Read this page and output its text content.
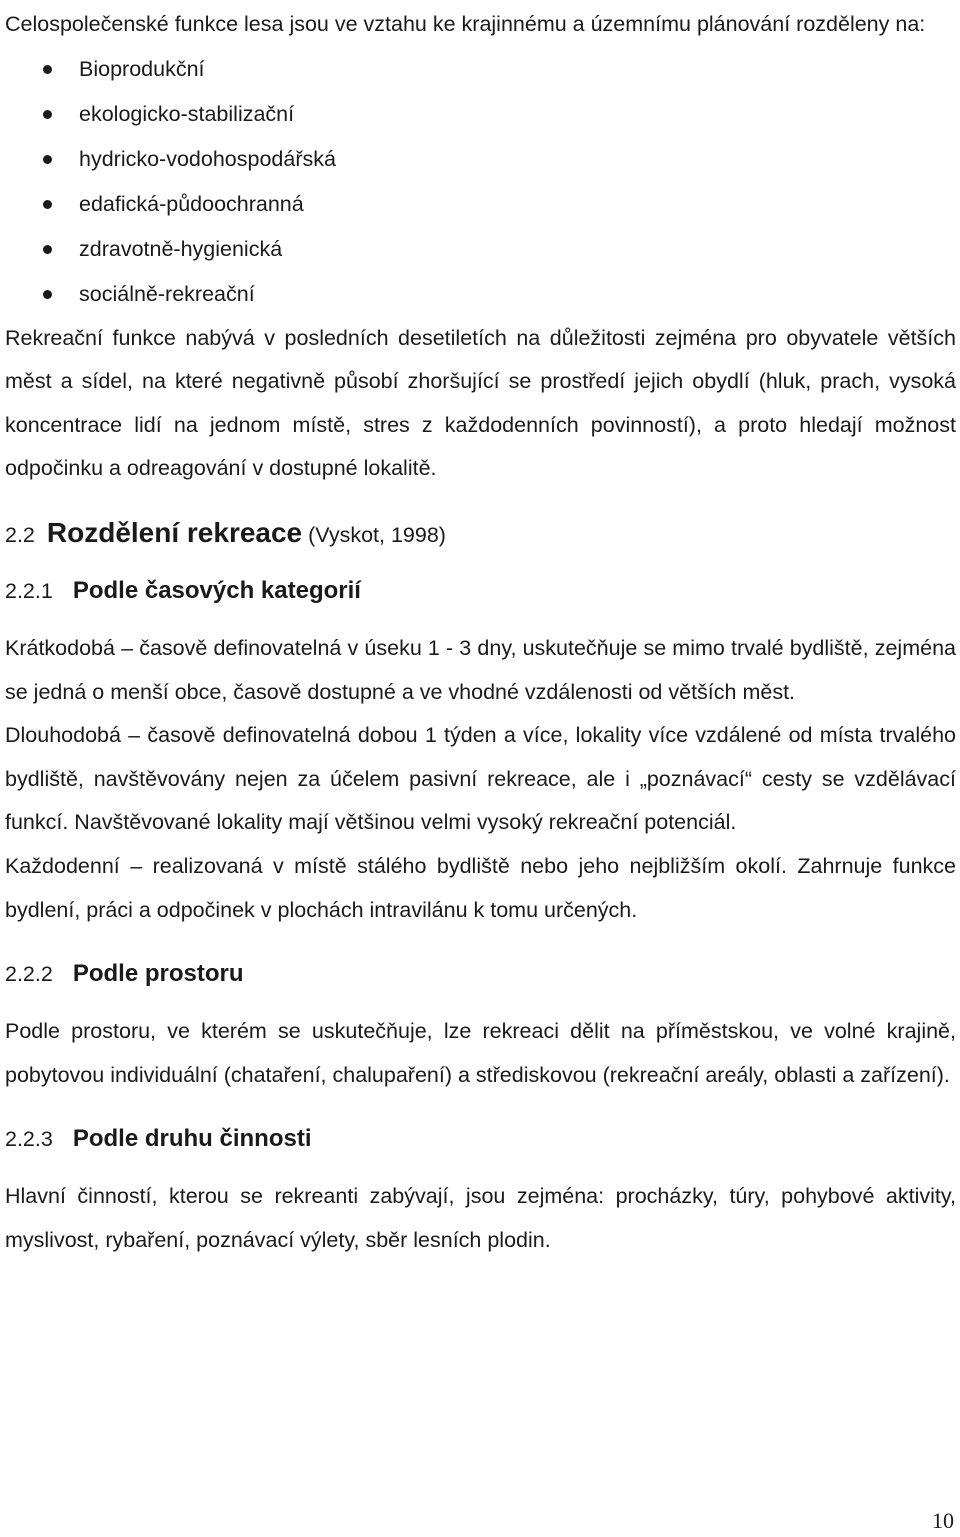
Celospolečenské funkce lesa jsou ve vztahu ke krajinnému a územnímu plánování rozděleny na:

Bioprodukční
ekologicko-stabilizační
hydricko-vodohospodářská
edafická-půdoochranná
zdravotně-hygienická
sociálně-rekreační

Rekreační funkce nabývá v posledních desetiletích na důležitosti zejména pro obyvatele větších měst a sídel, na které negativně působí zhoršující se prostředí jejich obydlí (hluk, prach, vysoká koncentrace lidí na jednom místě, stres z každodenních povinností), a proto hledají možnost odpočinku a odreagování v dostupné lokalitě.

2.2 Rozdělení rekreace (Vyskot, 1998)
2.2.1 Podle časových kategorií

Krátkodobá – časově definovatelná v úseku 1 - 3 dny, uskutečňuje se mimo trvalé bydliště, zejména se jedná o menší obce, časově dostupné a ve vhodné vzdálenosti od větších měst.

Dlouhodobá – časově definovatelná dobou 1 týden a více, lokality více vzdálené od místa trvalého bydliště, navštěvovány nejen za účelem pasivní rekreace, ale i „poznávací“ cesty se vzdělávací funkcí. Navštěvované lokality mají většinou velmi vysoký rekreační potenciál.

Každodenní – realizovaná v místě stálého bydliště nebo jeho nejbližším okolí. Zahrnuje funkce bydlení, práci a odpočinek v plochách intravilánu k tomu určených.

2.2.2 Podle prostoru

Podle prostoru, ve kterém se uskutečňuje, lze rekreaci dělit na příměstskou, ve volné krajině, pobytovou individuální (chataření, chalupaření) a střediskovou (rekreační areály, oblasti a zařízení).

2.2.3 Podle druhu činnosti

Hlavní činností, kterou se rekreanti zabývají, jsou zejména: procházky, túry, pohybové aktivity, myslivost, rybaření, poznávací výlety, sběr lesních plodin.

10
